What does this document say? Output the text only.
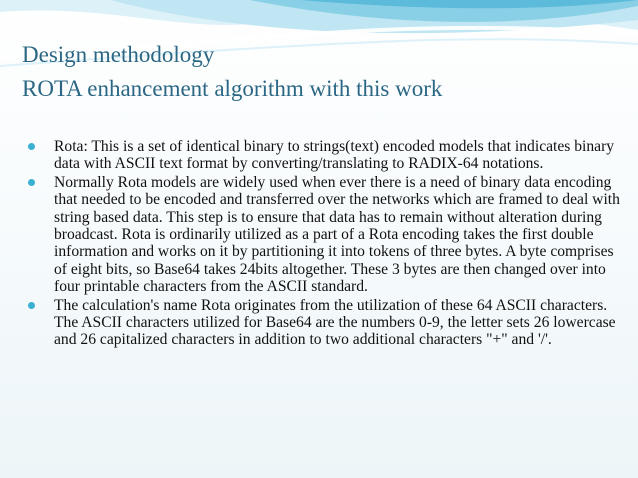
Design methodology
ROTA enhancement algorithm with this work
Rota: This is a set of identical binary to strings(text) encoded models that indicates binary data with ASCII text format by converting/translating to RADIX-64 notations.
Normally Rota models are widely used when ever there is a need of binary data encoding that needed to be encoded and transferred over the networks which are framed to deal with string based data. This step is to ensure that data has to remain without alteration during broadcast. Rota is ordinarily utilized as a part of a Rota encoding takes the first double information and works on it by partitioning it into tokens of three bytes. A byte comprises of eight bits, so Base64 takes 24bits altogether. These 3 bytes are then changed over into four printable characters from the ASCII standard.
The calculation's name Rota originates from the utilization of these 64 ASCII characters. The ASCII characters utilized for Base64 are the numbers 0-9, the letter sets 26 lowercase and 26 capitalized characters in addition to two additional characters "+" and '/'.
